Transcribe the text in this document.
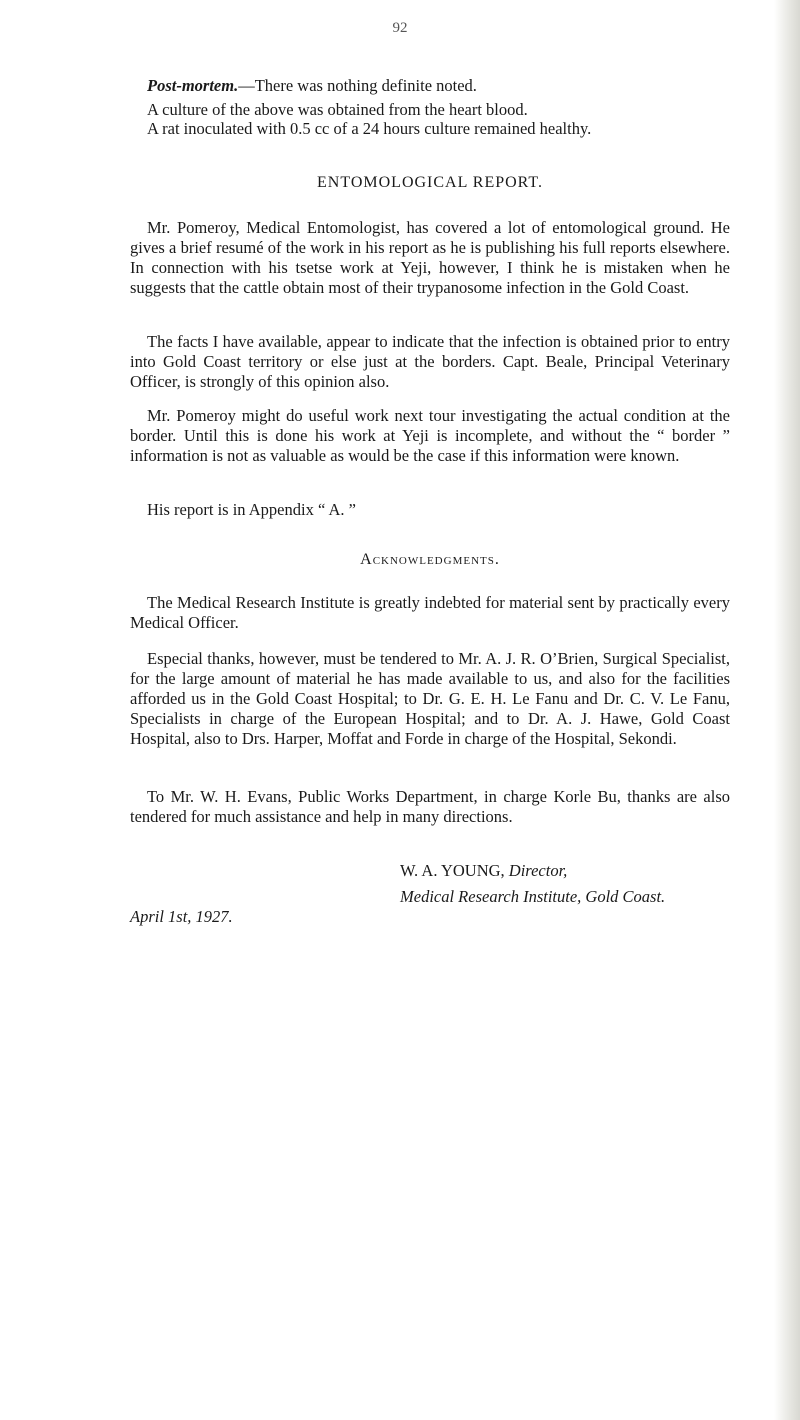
92

Post-mortem.—There was nothing definite noted.

A culture of the above was obtained from the heart blood.

A rat inoculated with 0.5 cc of a 24 hours culture remained healthy.

ENTOMOLOGICAL REPORT.

Mr. Pomeroy, Medical Entomologist, has covered a lot of entomological ground. He gives a brief resumé of the work in his report as he is publishing his full reports elsewhere. In connection with his tsetse work at Yeji, however, I think he is mistaken when he suggests that the cattle obtain most of their trypanosome infection in the Gold Coast.

The facts I have available, appear to indicate that the infection is obtained prior to entry into Gold Coast territory or else just at the borders. Capt. Beale, Principal Veterinary Officer, is strongly of this opinion also.

Mr. Pomeroy might do useful work next tour investigating the actual condition at the border. Until this is done his work at Yeji is incomplete, and without the “ border ” information is not as valuable as would be the case if this information were known.

His report is in Appendix “ A. ”

Acknowledgments.

The Medical Research Institute is greatly indebted for material sent by practically every Medical Officer.

Especial thanks, however, must be tendered to Mr. A. J. R. O’Brien, Surgical Specialist, for the large amount of material he has made available to us, and also for the facilities afforded us in the Gold Coast Hospital; to Dr. G. E. H. Le Fanu and Dr. C. V. Le Fanu, Specialists in charge of the European Hospital; and to Dr. A. J. Hawe, Gold Coast Hospital, also to Drs. Harper, Moffat and Forde in charge of the Hospital, Sekondi.

To Mr. W. H. Evans, Public Works Department, in charge Korle Bu, thanks are also tendered for much assistance and help in many directions.

W. A. YOUNG, Director,
Medical Research Institute, Gold Coast.
April 1st, 1927.
